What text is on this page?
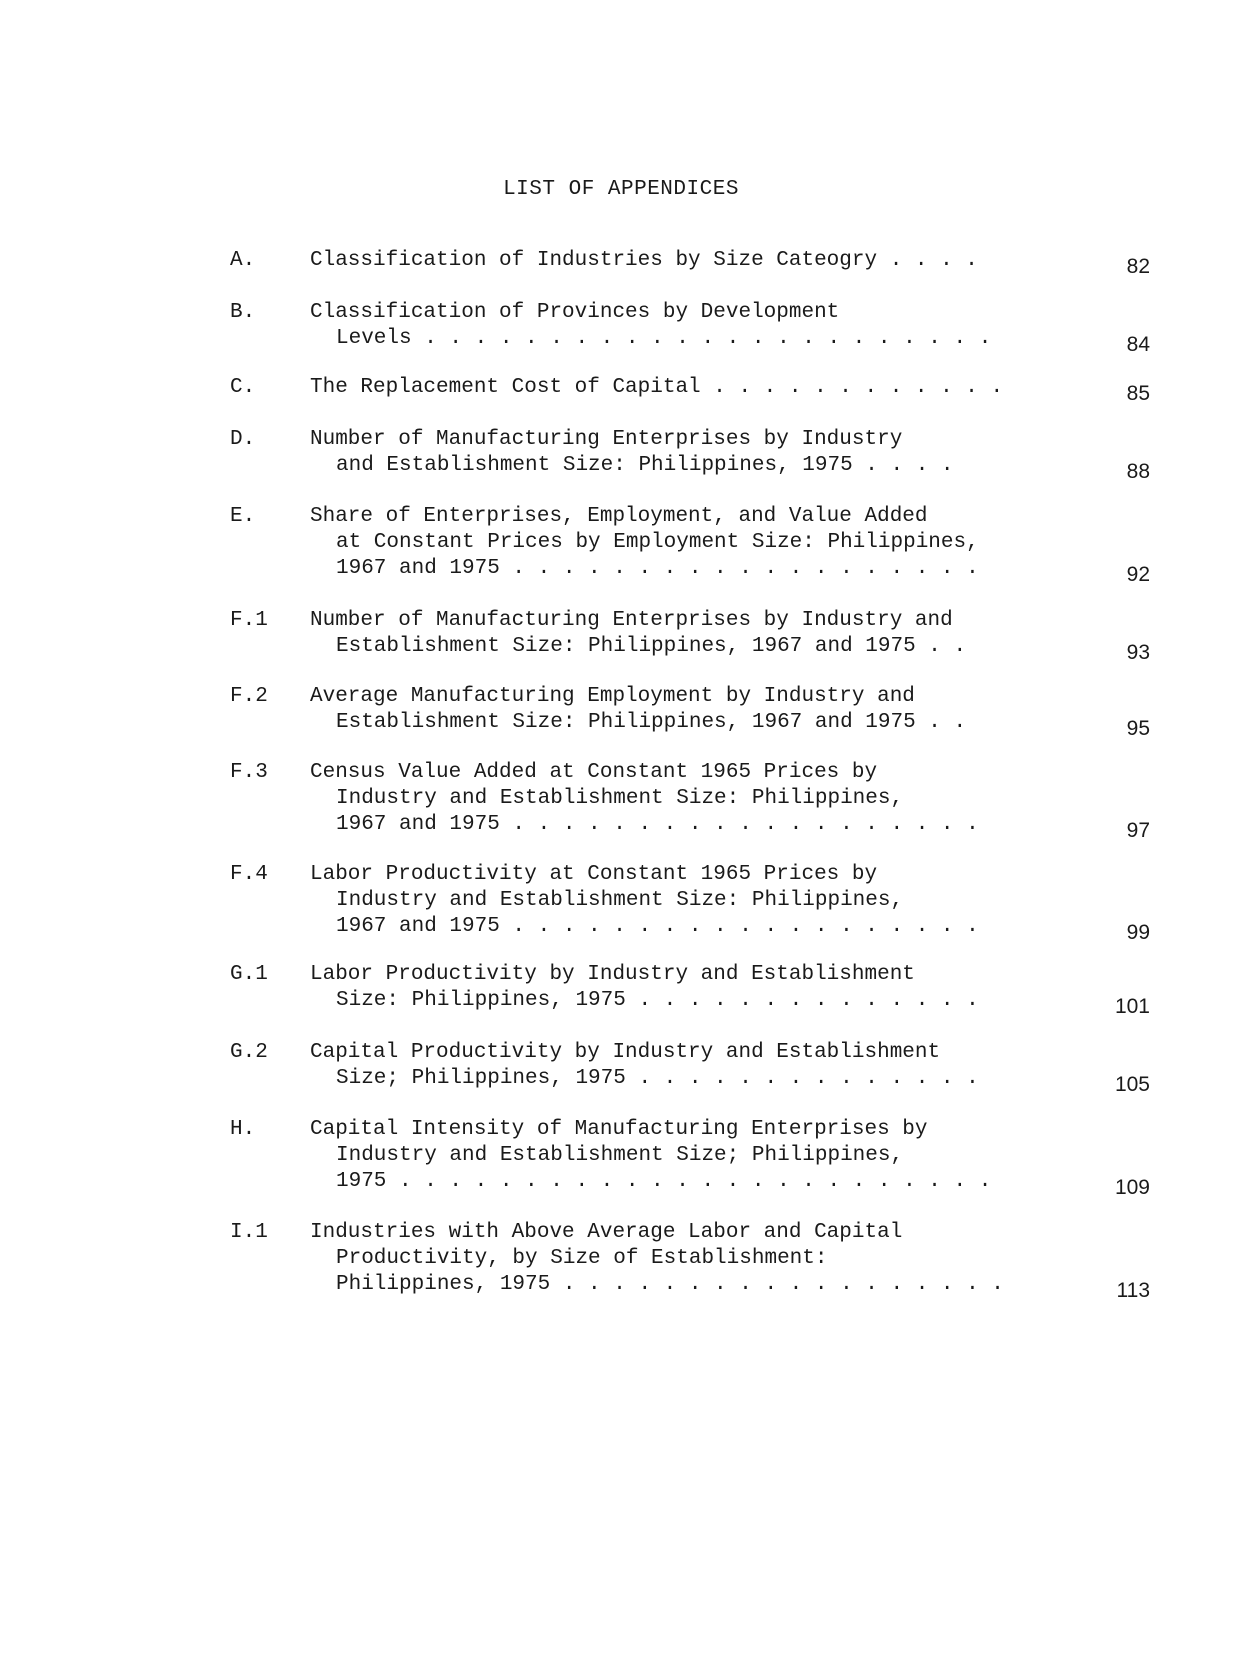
LIST OF APPENDICES
A.	Classification of Industries by Size Cateogry . . . .	82
B.	Classification of Provinces by Development
Levels . . . . . . . . . . . . . . . . . . . . . . .	84
C.	The Replacement Cost of Capital . . . . . . . . . . . .	85
D.	Number of Manufacturing Enterprises by Industry
and Establishment Size: Philippines, 1975 . . . .	88
E.	Share of Enterprises, Employment, and Value Added
at Constant Prices by Employment Size: Philippines,
1967 and 1975 . . . . . . . . . . . . . . . . . . .	92
F.1	Number of Manufacturing Enterprises by Industry and
Establishment Size: Philippines, 1967 and 1975 . .	93
F.2	Average Manufacturing Employment by Industry and
Establishment Size: Philippines, 1967 and 1975 . .	95
F.3	Census Value Added at Constant 1965 Prices by
Industry and Establishment Size: Philippines,
1967 and 1975 . . . . . . . . . . . . . . . . . . .	97
F.4	Labor Productivity at Constant 1965 Prices by
Industry and Establishment Size: Philippines,
1967 and 1975 . . . . . . . . . . . . . . . . . . .	99
G.1	Labor Productivity by Industry and Establishment
Size: Philippines, 1975 . . . . . . . . . . . . . .	101
G.2	Capital Productivity by Industry and Establishment
Size; Philippines, 1975 . . . . . . . . . . . . . .	105
H.	Capital Intensity of Manufacturing Enterprises by
Industry and Establishment Size; Philippines,
1975 . . . . . . . . . . . . . . . . . . . . . . . .	109
I.1	Industries with Above Average Labor and Capital
Productivity, by Size of Establishment:
Philippines, 1975 . . . . . . . . . . . . . . . . . .	113
